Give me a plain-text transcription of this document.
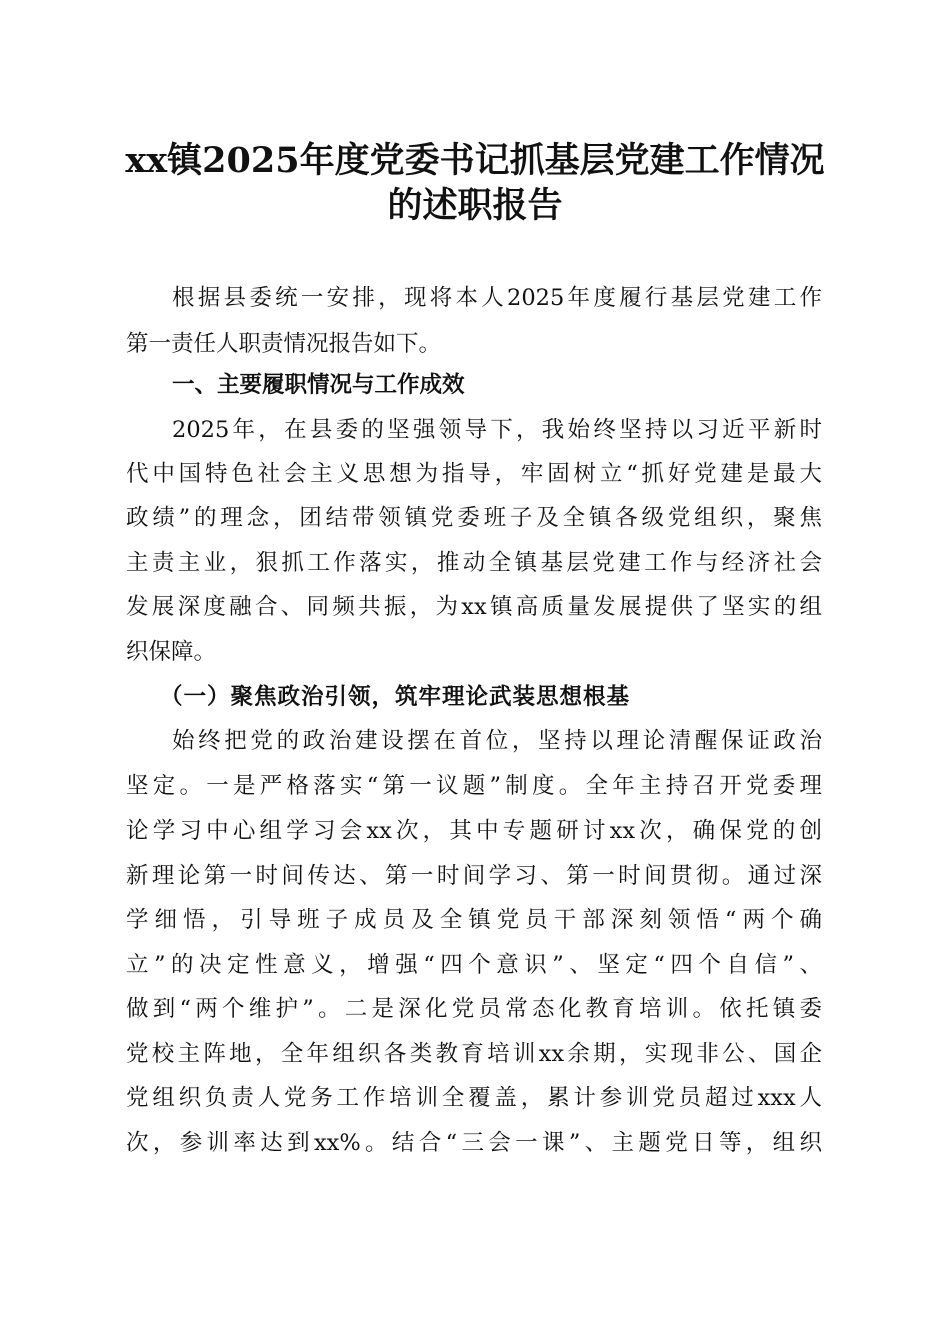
xx镇2025年度党委书记抓基层党建工作情况
的述职报告
根据县委统一安排，现将本人2025年度履行基层党建工作
第一责任人职责情况报告如下。
一、主要履职情况与工作成效
2025年，在县委的坚强领导下，我始终坚持以习近平新时
代中国特色社会主义思想为指导，牢固树立“抓好党建是最大
政绩”的理念，团结带领镇党委班子及全镇各级党组织，聚焦
主责主业，狠抓工作落实，推动全镇基层党建工作与经济社会
发展深度融合、同频共振，为xx镇高质量发展提供了坚实的组
织保障。
（一）聚焦政治引领，筑牢理论武装思想根基
始终把党的政治建设摆在首位，坚持以理论清醒保证政治
坚定。一是严格落实“第一议题”制度。全年主持召开党委理
论学习中心组学习会xx次，其中专题研讨xx次，确保党的创
新理论第一时间传达、第一时间学习、第一时间贯彻。通过深
学细悟，引导班子成员及全镇党员干部深刻领悟“两个确
立”的决定性意义，增强“四个意识”、坚定“四个自信”、
做到“两个维护”。二是深化党员常态化教育培训。依托镇委
党校主阵地，全年组织各类教育培训xx余期，实现非公、国企
党组织负责人党务工作培训全覆盖，累计参训党员超过xxx人
次，参训率达到xx%。结合“三会一课”、主题党日等，组织
